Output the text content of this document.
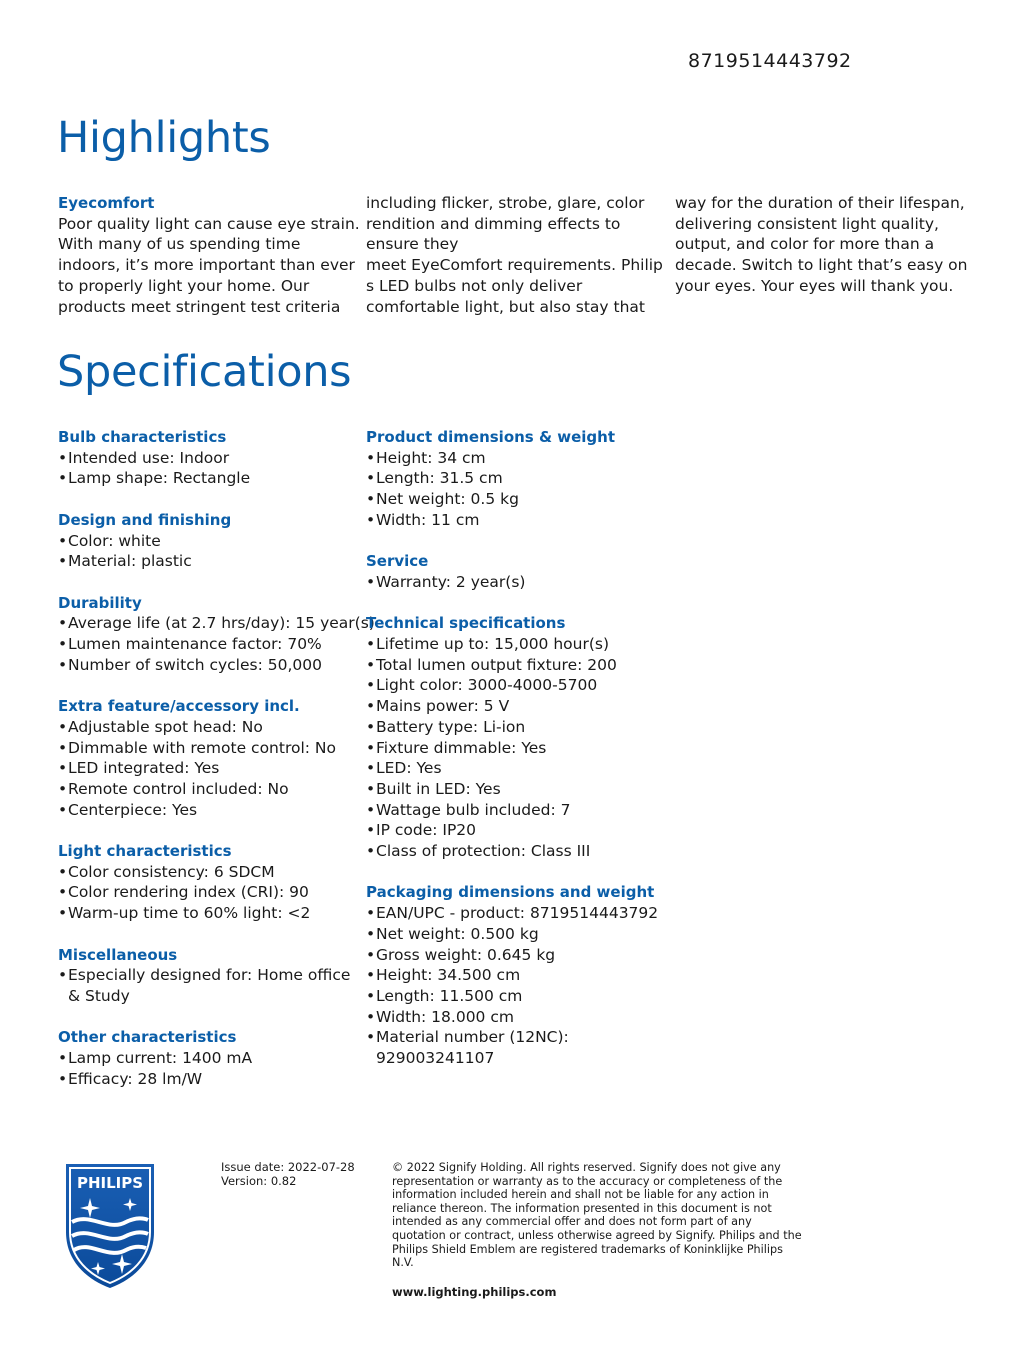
8719514443792
Highlights
Eyecomfort
Poor quality light can cause eye strain.
With many of us spending time
indoors, it’s more important than ever
to properly light your home. Our
products meet stringent test criteria
including flicker, strobe, glare, color
rendition and dimming effects to
ensure they
meet EyeComfort requirements. Philip
s LED bulbs not only deliver
comfortable light, but also stay that
way for the duration of their lifespan,
delivering consistent light quality,
output, and color for more than a
decade. Switch to light that’s easy on
your eyes. Your eyes will thank you.
Specifications
Bulb characteristics
• Intended use: Indoor
• Lamp shape: Rectangle
Design and finishing
• Color: white
• Material: plastic
Durability
• Average life (at 2.7 hrs/day): 15 year(s)
• Lumen maintenance factor: 70%
• Number of switch cycles: 50,000
Extra feature/accessory incl.
• Adjustable spot head: No
• Dimmable with remote control: No
• LED integrated: Yes
• Remote control included: No
• Centerpiece: Yes
Light characteristics
• Color consistency: 6 SDCM
• Color rendering index (CRI): 90
• Warm-up time to 60% light: <2
Miscellaneous
• Especially designed for: Home office
& Study
Other characteristics
• Lamp current: 1400 mA
• Efficacy: 28 lm/W
Product dimensions & weight
• Height: 34 cm
• Length: 31.5 cm
• Net weight: 0.5 kg
• Width: 11 cm
Service
• Warranty: 2 year(s)
Technical specifications
• Lifetime up to: 15,000 hour(s)
• Total lumen output fixture: 200
• Light color: 3000-4000-5700
• Mains power: 5 V
• Battery type: Li-ion
• Fixture dimmable: Yes
• LED: Yes
• Built in LED: Yes
• Wattage bulb included: 7
• IP code: IP20
• Class of protection: Class III
Packaging dimensions and weight
• EAN/UPC - product: 8719514443792
• Net weight: 0.500 kg
• Gross weight: 0.645 kg
• Height: 34.500 cm
• Length: 11.500 cm
• Width: 18.000 cm
• Material number (12NC):
929003241107
PHILIPS
Issue date: 2022-07-28
Version: 0.82
© 2022 Signify Holding. All rights reserved. Signify does not give any
representation or warranty as to the accuracy or completeness of the
information included herein and shall not be liable for any action in
reliance thereon. The information presented in this document is not
intended as any commercial offer and does not form part of any
quotation or contract, unless otherwise agreed by Signify. Philips and the
Philips Shield Emblem are registered trademarks of Koninklijke Philips
N.V.
www.lighting.philips.com
